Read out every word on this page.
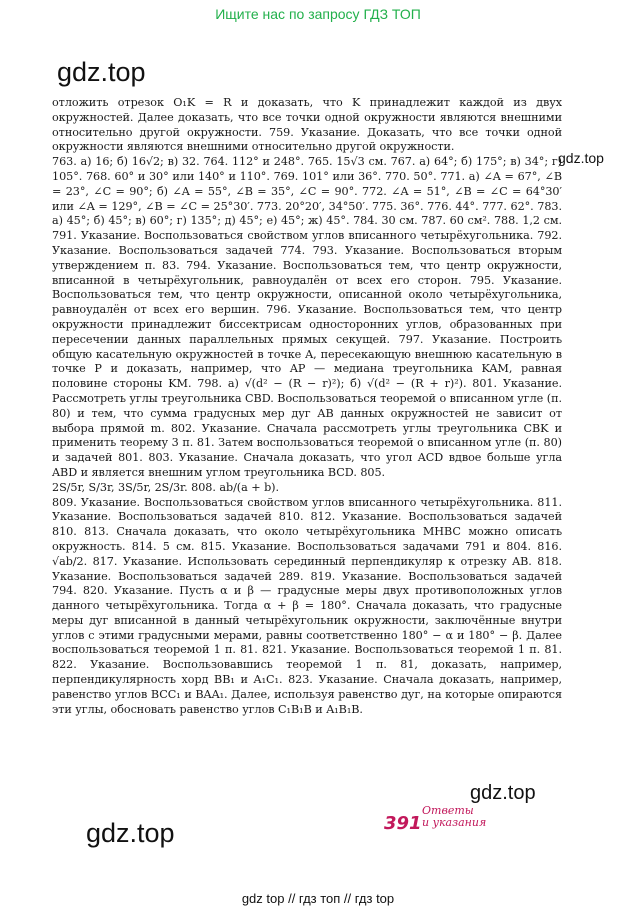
Ищите нас по запросу ГДЗ ТОП
gdz.top
gdz.top
gdz.top
gdz.top

отложить отрезок O₁K = R и доказать, что K принадлежит каждой из двух окружностей. Далее доказать, что все точки одной окружности являются внешними относительно другой окружности. 759. Указание. Доказать, что все точки одной окружности являются внешними относительно другой окружности.

763. а) 16; б) 16√2; в) 32. 764. 112° и 248°. 765. 15√3 см. 767. а) 64°; б) 175°; в) 34°; г) 105°. 768. 60° и 30° или 140° и 110°. 769. 101° или 36°. 770. 50°. 771. а) ∠A = 67°, ∠B = 23°, ∠C = 90°; б) ∠A = 55°, ∠B = 35°, ∠C = 90°. 772. ∠A = 51°, ∠B = ∠C = 64°30′ или ∠A = 129°, ∠B = ∠C = 25°30′. 773. 20°20′, 34°50′. 775. 36°. 776. 44°. 777. 62°. 783. а) 45°; б) 45°; в) 60°; г) 135°; д) 45°; е) 45°; ж) 45°. 784. 30 см. 787. 60 см². 788. 1,2 см. 791. Указание. Воспользоваться свойством углов вписанного четырёхугольника. 792. Указание. Воспользоваться задачей 774. 793. Указание. Воспользоваться вторым утверждением п. 83. 794. Указание. Воспользоваться тем, что центр окружности, вписанной в четырёхугольник, равноудалён от всех его сторон. 795. Указание. Воспользоваться тем, что центр окружности, описанной около четырёхугольника, равноудалён от всех его вершин. 796. Указание. Воспользоваться тем, что центр окружности принадлежит биссектрисам односторонних углов, образованных при пересечении данных параллельных прямых секущей. 797. Указание. Построить общую касательную окружностей в точке A, пересекающую внешнюю касательную в точке P и доказать, например, что AP — медиана треугольника KAM, равная половине стороны KM. 798. а) √(d² − (R − r)²); б) √(d² − (R + r)²). 801. Указание. Рассмотреть углы треугольника CBD. Воспользоваться теоремой о вписанном угле (п. 80) и тем, что сумма градусных мер дуг AB данных окружностей не зависит от выбора прямой m. 802. Указание. Сначала рассмотреть углы треугольника CBK и применить теорему 3 п. 81. Затем воспользоваться теоремой о вписанном угле (п. 80) и задачей 801. 803. Указание. Сначала доказать, что угол ACD вдвое больше угла ABD и является внешним углом треугольника BCD. 805.

2S/5r, S/3r, 3S/5r, 2S/3r. 808. ab/(a + b).

809. Указание. Воспользоваться свойством углов вписанного четырёхугольника. 811. Указание. Воспользоваться задачей 810. 812. Указание. Воспользоваться задачей 810. 813. Сначала доказать, что около четырёхугольника MHBC можно описать окружность. 814. 5 см. 815. Указание. Воспользоваться задачами 791 и 804. 816. √ab/2. 817. Указание. Использовать серединный перпендикуляр к отрезку AB. 818. Указание. Воспользоваться задачей 289. 819. Указание. Воспользоваться задачей 794. 820. Указание. Пусть α и β — градусные меры двух противоположных углов данного четырёхугольника. Тогда α + β = 180°. Сначала доказать, что градусные меры дуг вписанной в данный четырёхугольник окружности, заключённые внутри углов с этими градусными мерами, равны соответственно 180° − α и 180° − β. Далее воспользоваться теоремой 1 п. 81. 821. Указание. Воспользоваться теоремой 1 п. 81. 822. Указание. Воспользовавшись теоремой 1 п. 81, доказать, например, перпендикулярность хорд BB₁ и A₁C₁. 823. Указание. Сначала доказать, например, равенство углов BCC₁ и BAA₁. Далее, используя равенство дуг, на которые опираются эти углы, обосновать равенство углов C₁B₁B и A₁B₁B.

391
Ответы
и указания
gdz top // гдз топ // гдз top
